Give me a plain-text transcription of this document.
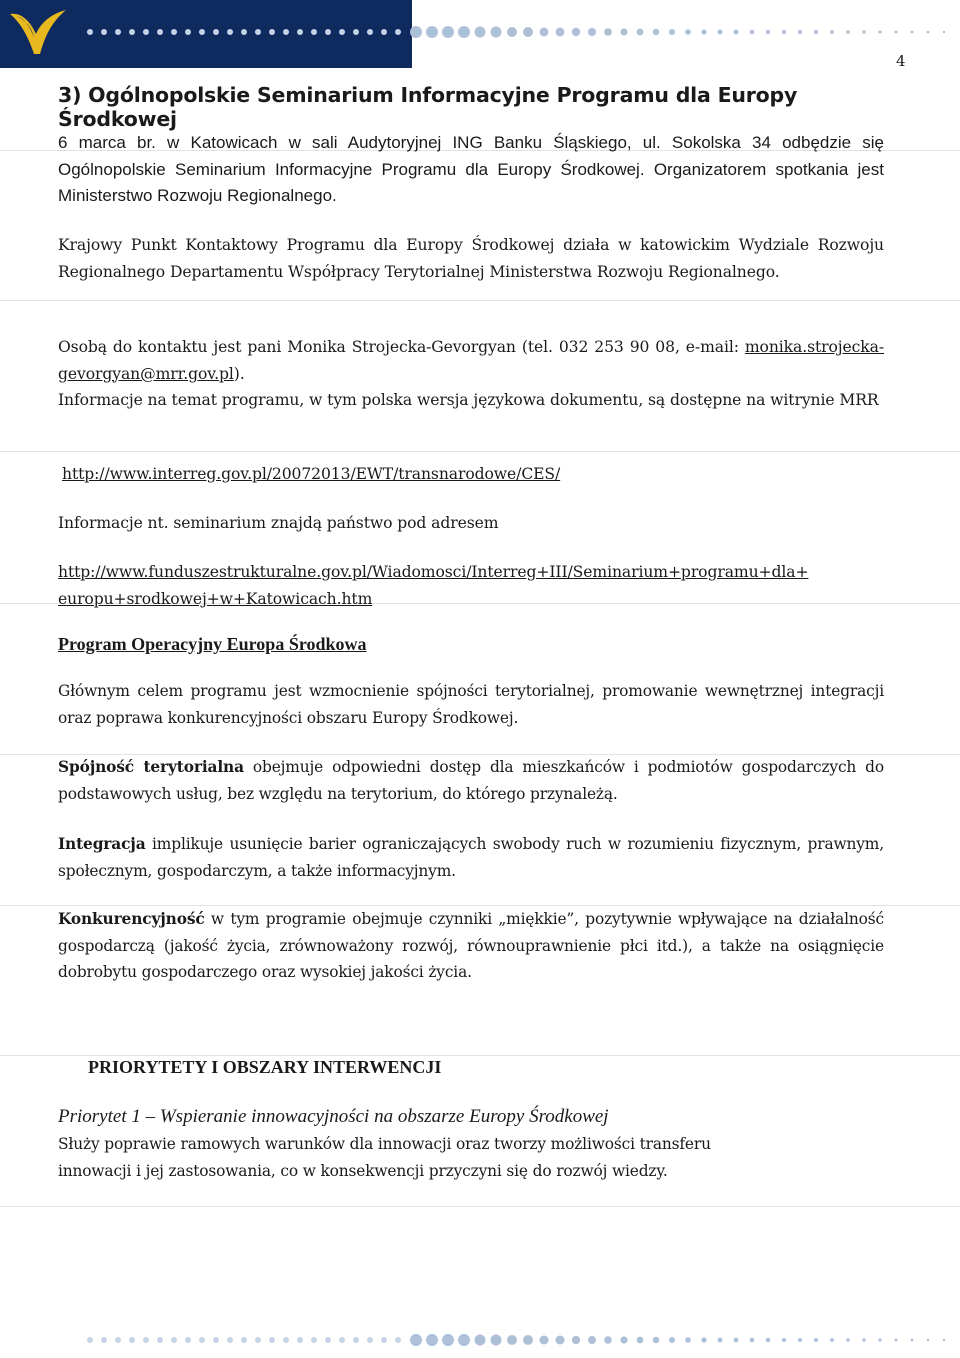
4
3) Ogólnopolskie Seminarium Informacyjne Programu dla Europy Środkowej

6 marca br. w Katowicach w sali Audytoryjnej ING Banku Śląskiego, ul. Sokolska 34 odbędzie się Ogólnopolskie Seminarium Informacyjne Programu dla Europy Środkowej. Organizatorem spotkania jest Ministerstwo Rozwoju Regionalnego.

Krajowy Punkt Kontaktowy Programu dla Europy Środkowej działa w katowickim Wydziale Rozwoju Regionalnego Departamentu Współpracy Terytorialnej Ministerstwa Rozwoju Regionalnego.

Osobą do kontaktu jest pani Monika Strojecka-Gevorgyan (tel. 032 253 90 08, e-mail: monika.strojecka-gevorgyan@mrr.gov.pl).

Informacje na temat programu, w tym polska wersja językowa dokumentu, są dostępne na witrynie MRR

http://www.interreg.gov.pl/20072013/EWT/transnarodowe/CES/

Informacje nt. seminarium znajdą państwo pod adresem

http://www.funduszestrukturalne.gov.pl/Wiadomosci/Interreg+III/Seminarium+programu+dla+
europu+srodkowej+w+Katowicach.htm

Program Operacyjny Europa Środkowa

Głównym celem programu jest wzmocnienie spójności terytorialnej, promowanie wewnętrznej integracji oraz poprawa konkurencyjności obszaru Europy Środkowej.

Spójność terytorialna obejmuje odpowiedni dostęp dla mieszkańców i podmiotów gospodarczych do podstawowych usług, bez względu na terytorium, do którego przynależą.

Integracja implikuje usunięcie barier ograniczających swobody ruch w rozumieniu fizycznym, prawnym, społecznym, gospodarczym, a także informacyjnym.

Konkurencyjność w tym programie obejmuje czynniki „miękkie”, pozytywnie wpływające na działalność gospodarczą (jakość życia, zrównoważony rozwój, równouprawnienie płci itd.), a także na osiągnięcie dobrobytu gospodarczego oraz wysokiej jakości życia.

PRIORYTETY I OBSZARY INTERWENCJI

Priorytet 1 – Wspieranie innowacyjności na obszarze Europy Środkowej

Służy poprawie ramowych warunków dla innowacji oraz tworzy możliwości transferu
innowacji i jej zastosowania, co w konsekwencji przyczyni się do rozwój wiedzy.
